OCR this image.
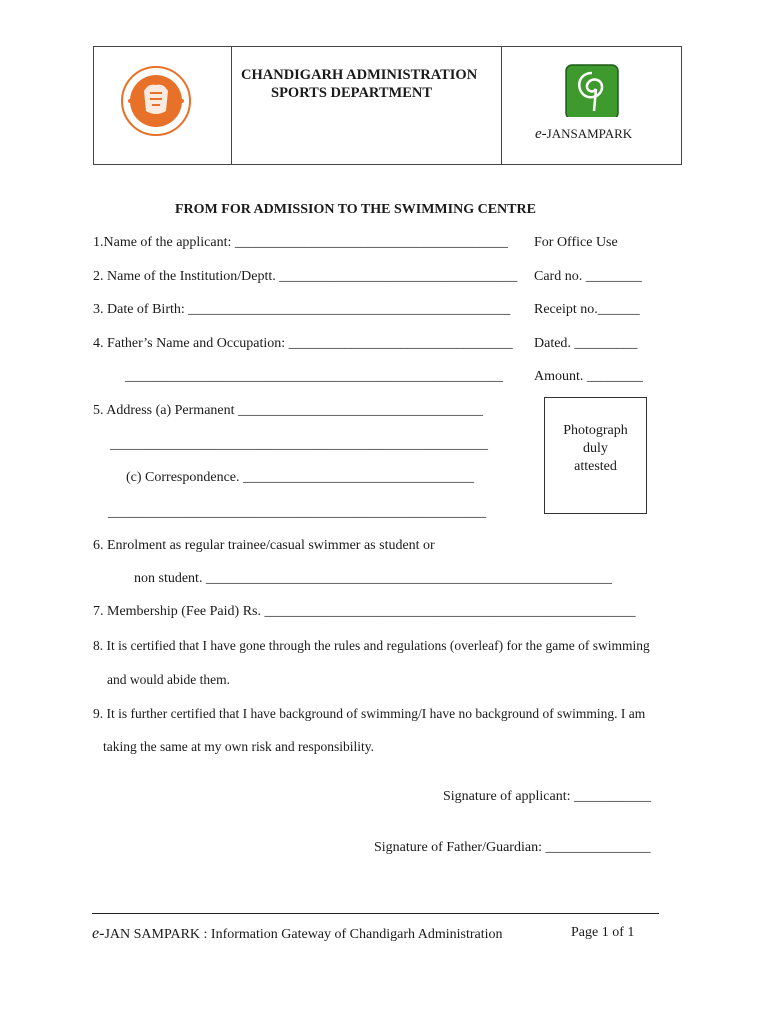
CHANDIGARH ADMINISTRATION
SPORTS DEPARTMENT
e-JANSAMPARK
FROM FOR ADMISSION TO THE SWIMMING CENTRE
1.Name of the applicant: _______________________________________
2. Name of the Institution/Deptt. __________________________________
3. Date of Birth: ______________________________________________
4. Father’s Name and Occupation: ________________________________
______________________________________________________
5. Address (a) Permanent ___________________________________
______________________________________________________
(c) Correspondence. _________________________________
______________________________________________________
For Office Use
Card no. ________
Receipt no.______
Dated. _________
Amount. ________
Photograph
duly
attested
6. Enrolment as regular trainee/casual swimmer as student or
non student. __________________________________________________________
7. Membership (Fee Paid) Rs. _____________________________________________________
8. It is certified that I have gone through the rules and regulations (overleaf) for the game of swimming
and would abide them.
9. It is further certified that I have background of swimming/I have no background of swimming. I am
taking the same at my own risk and responsibility.
Signature of applicant: ___________
Signature of Father/Guardian: _______________
e-JAN SAMPARK : Information Gateway of Chandigarh Administration	Page 1 of 1
